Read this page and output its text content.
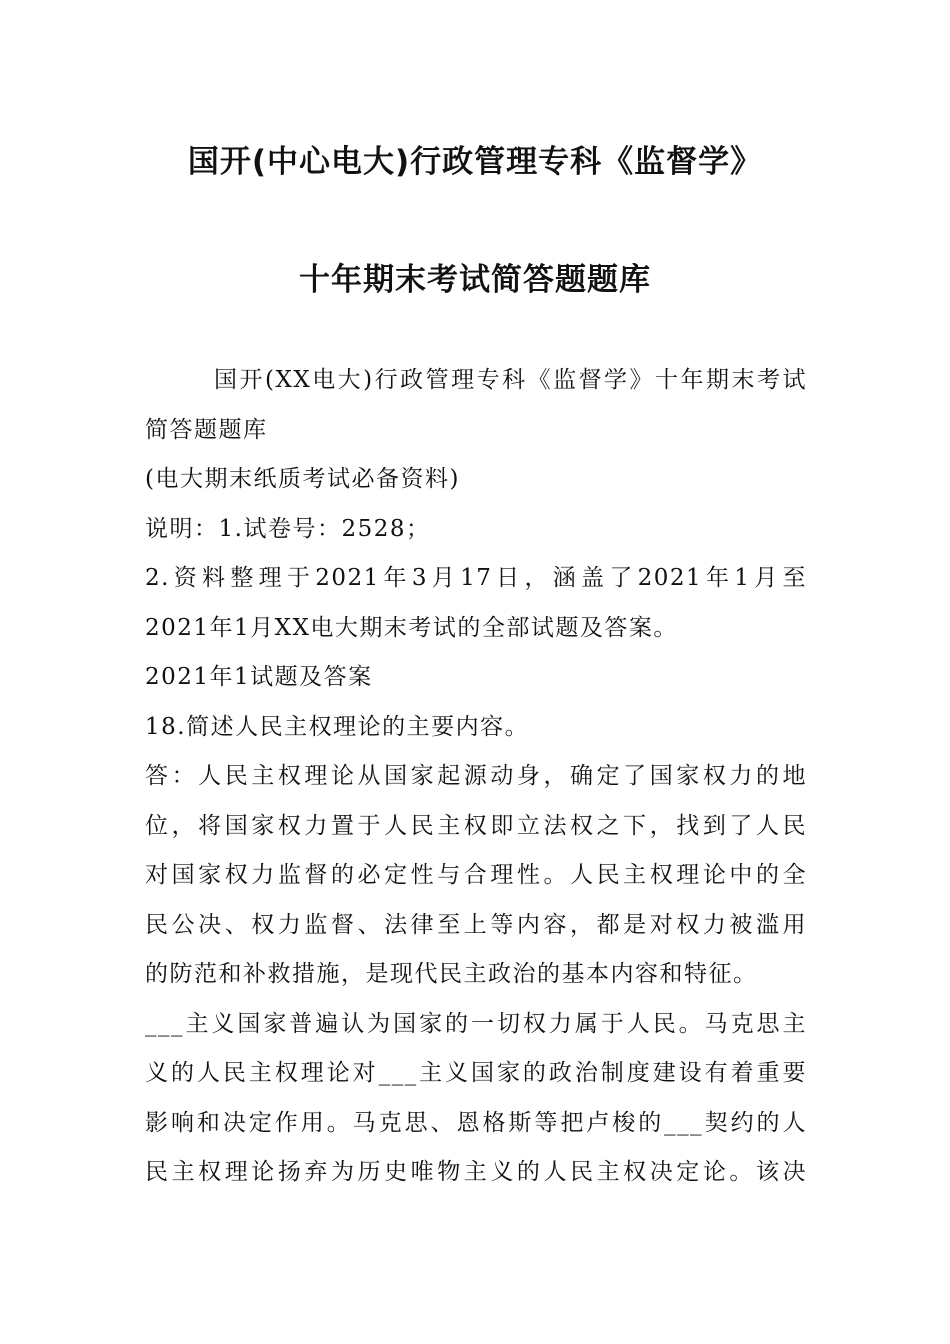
国开(中心电大)行政管理专科《监督学》
十年期末考试简答题题库
国开(XX电大)行政管理专科《监督学》十年期末考试
简答题题库
(电大期末纸质考试必备资料)
说明：1.试卷号：2528；
2.资料整理于2021年3月17日，涵盖了2021年1月至
2021年1月XX电大期末考试的全部试题及答案。
2021年1试题及答案
18.简述人民主权理论的主要内容。
答：人民主权理论从国家起源动身，确定了国家权力的地
位，将国家权力置于人民主权即立法权之下，找到了人民
对国家权力监督的必定性与合理性。人民主权理论中的全
民公决、权力监督、法律至上等内容，都是对权力被滥用
的防范和补救措施，是现代民主政治的基本内容和特征。
___主义国家普遍认为国家的一切权力属于人民。马克思主
义的人民主权理论对___主义国家的政治制度建设有着重要
影响和决定作用。马克思、恩格斯等把卢梭的___契约的人
民主权理论扬弃为历史唯物主义的人民主权决定论。该决
